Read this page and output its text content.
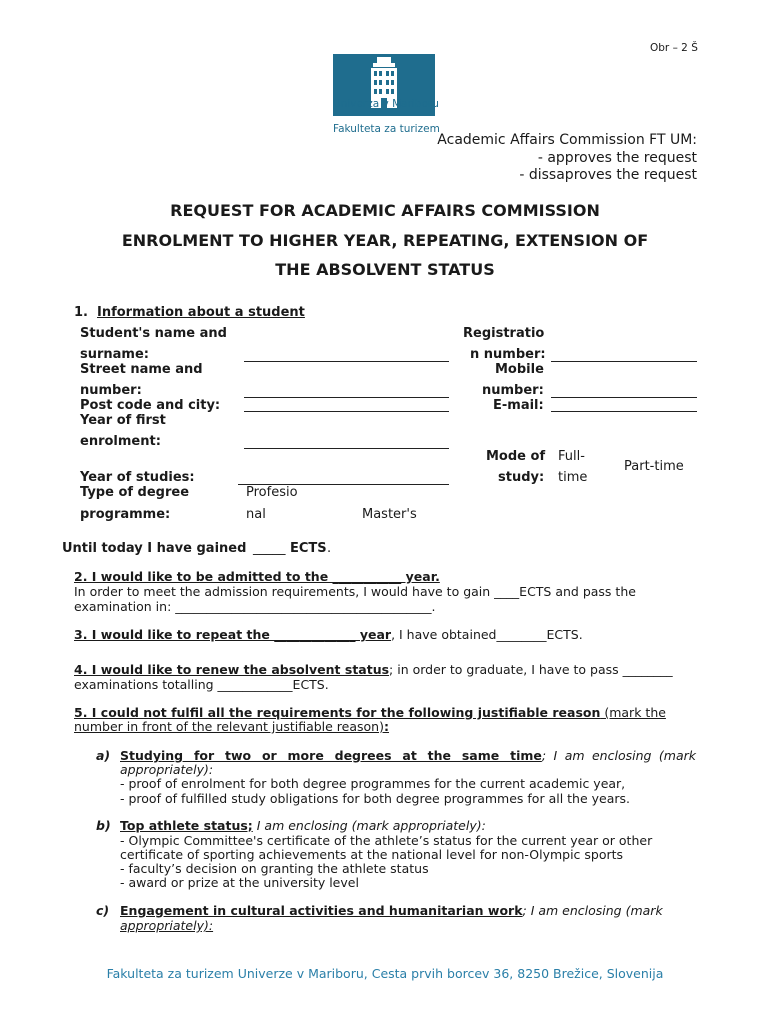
Obr – 2 Š
Univerza v Mariboru
Fakulteta za turizem
Academic Affairs Commission FT UM:
- approves the request
- dissaproves the request
REQUEST FOR ACADEMIC AFFAIRS COMMISSION
ENROLMENT TO HIGHER YEAR, REPEATING, EXTENSION OF
THE ABSOLVENT STATUS
1. Information about a student
Student's name and
surname:
Street name and
number:
Post code and city:
Year of first
enrolment:
Year of studies:
Type of degree
programme:
Profesio
nal	Master's
Registratio
n number:
Mobile
number:
E-mail:
Mode of
study:
Full-
time
Part-time
Until today I have gained _____ ECTS .
2. I would like to be admitted to the ___________ year.
In order to meet the admission requirements, I would have to gain ____ECTS and pass the
examination in: _________________________________________.
3. I would like to repeat the _____________ year, I have obtained________ECTS.
4. I would like to renew the absolvent status; in order to graduate, I have to pass ________
examinations totalling ____________ECTS.
5. I could not fulfil all the requirements for the following justifiable reason (mark the
number in front of the relevant justifiable reason):
a) Studying for two or more degrees at the same time; I am enclosing (mark
appropriately):
- proof of enrolment for both degree programmes for the current academic year,
- proof of fulfilled study obligations for both degree programmes for all the years.
b) Top athlete status; I am enclosing (mark appropriately):
- Olympic Committee's certificate of the athlete’s status for the current year or other
certificate of sporting achievements at the national level for non-Olympic sports
- faculty’s decision on granting the athlete status
- award or prize at the university level
c) Engagement in cultural activities and humanitarian work; I am enclosing (mark
appropriately):
Fakulteta za turizem Univerze v Mariboru, Cesta prvih borcev 36, 8250 Brežice, Slovenija
